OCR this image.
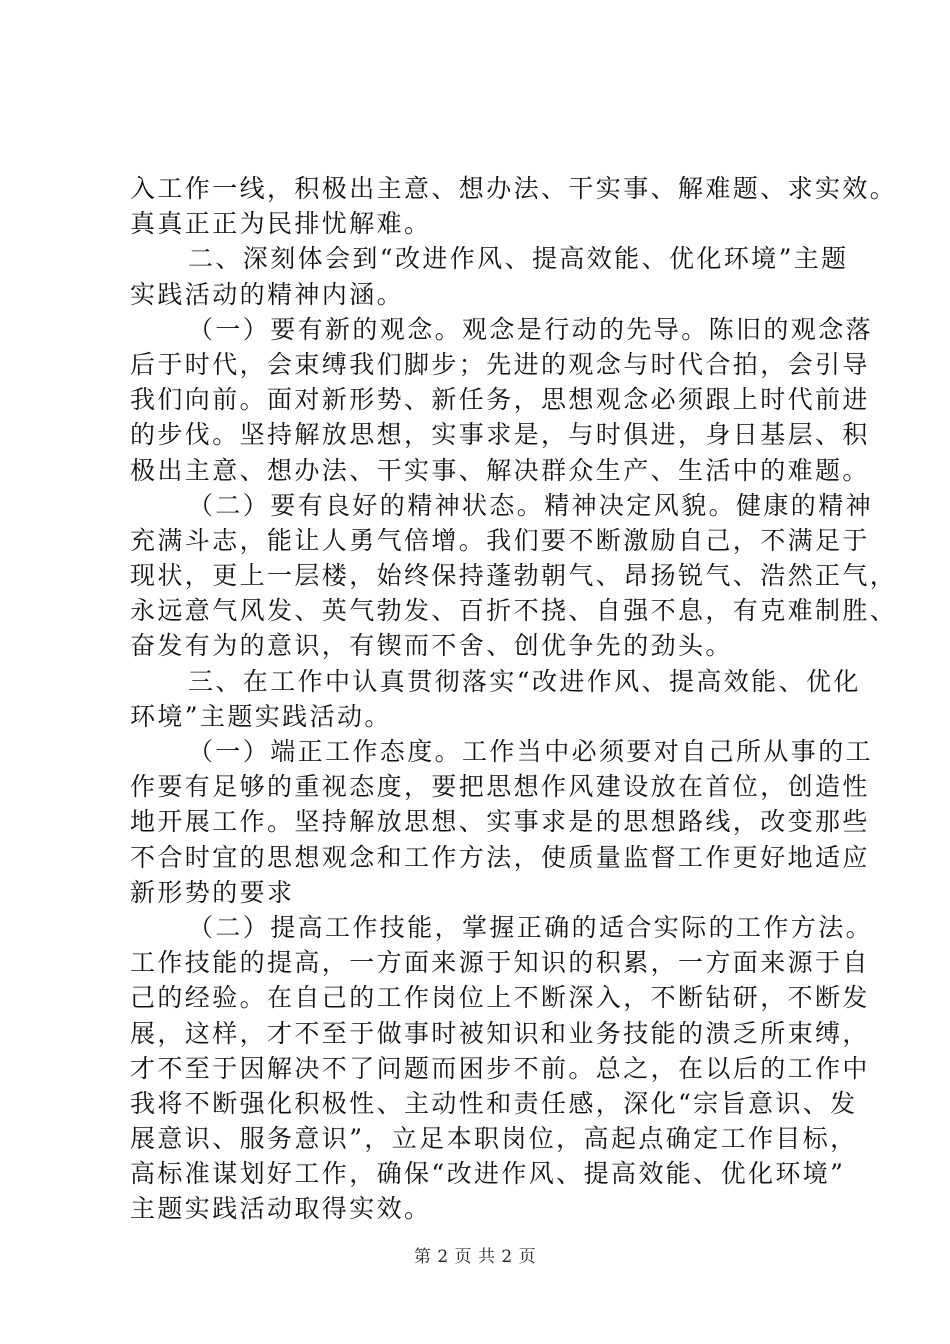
入工作一线，积极出主意、想办法、干实事、解难题、求实效。
真真正正为民排忧解难。
二、深刻体会到“改进作风、提高效能、优化环境”主题
实践活动的精神内涵。
（一）要有新的观念。观念是行动的先导。陈旧的观念落
后于时代，会束缚我们脚步；先进的观念与时代合拍，会引导
我们向前。面对新形势、新任务，思想观念必须跟上时代前进
的步伐。坚持解放思想，实事求是，与时俱进，身日基层、积
极出主意、想办法、干实事、解决群众生产、生活中的难题。
（二）要有良好的精神状态。精神决定风貌。健康的精神
充满斗志，能让人勇气倍增。我们要不断激励自己，不满足于
现状，更上一层楼，始终保持蓬勃朝气、昂扬锐气、浩然正气，
永远意气风发、英气勃发、百折不挠、自强不息，有克难制胜、
奋发有为的意识，有锲而不舍、创优争先的劲头。
三、在工作中认真贯彻落实“改进作风、提高效能、优化
环境”主题实践活动。
（一）端正工作态度。工作当中必须要对自己所从事的工
作要有足够的重视态度，要把思想作风建设放在首位，创造性
地开展工作。坚持解放思想、实事求是的思想路线，改变那些
不合时宜的思想观念和工作方法，使质量监督工作更好地适应
新形势的要求
（二）提高工作技能，掌握正确的适合实际的工作方法。
工作技能的提高，一方面来源于知识的积累，一方面来源于自
己的经验。在自己的工作岗位上不断深入，不断钻研，不断发
展，这样，才不至于做事时被知识和业务技能的溃乏所束缚，
才不至于因解决不了问题而困步不前。总之，在以后的工作中
我将不断强化积极性、主动性和责任感，深化“宗旨意识、发
展意识、服务意识”，立足本职岗位，高起点确定工作目标，
高标准谋划好工作，确保“改进作风、提高效能、优化环境”
主题实践活动取得实效。
第 2 页 共 2 页
